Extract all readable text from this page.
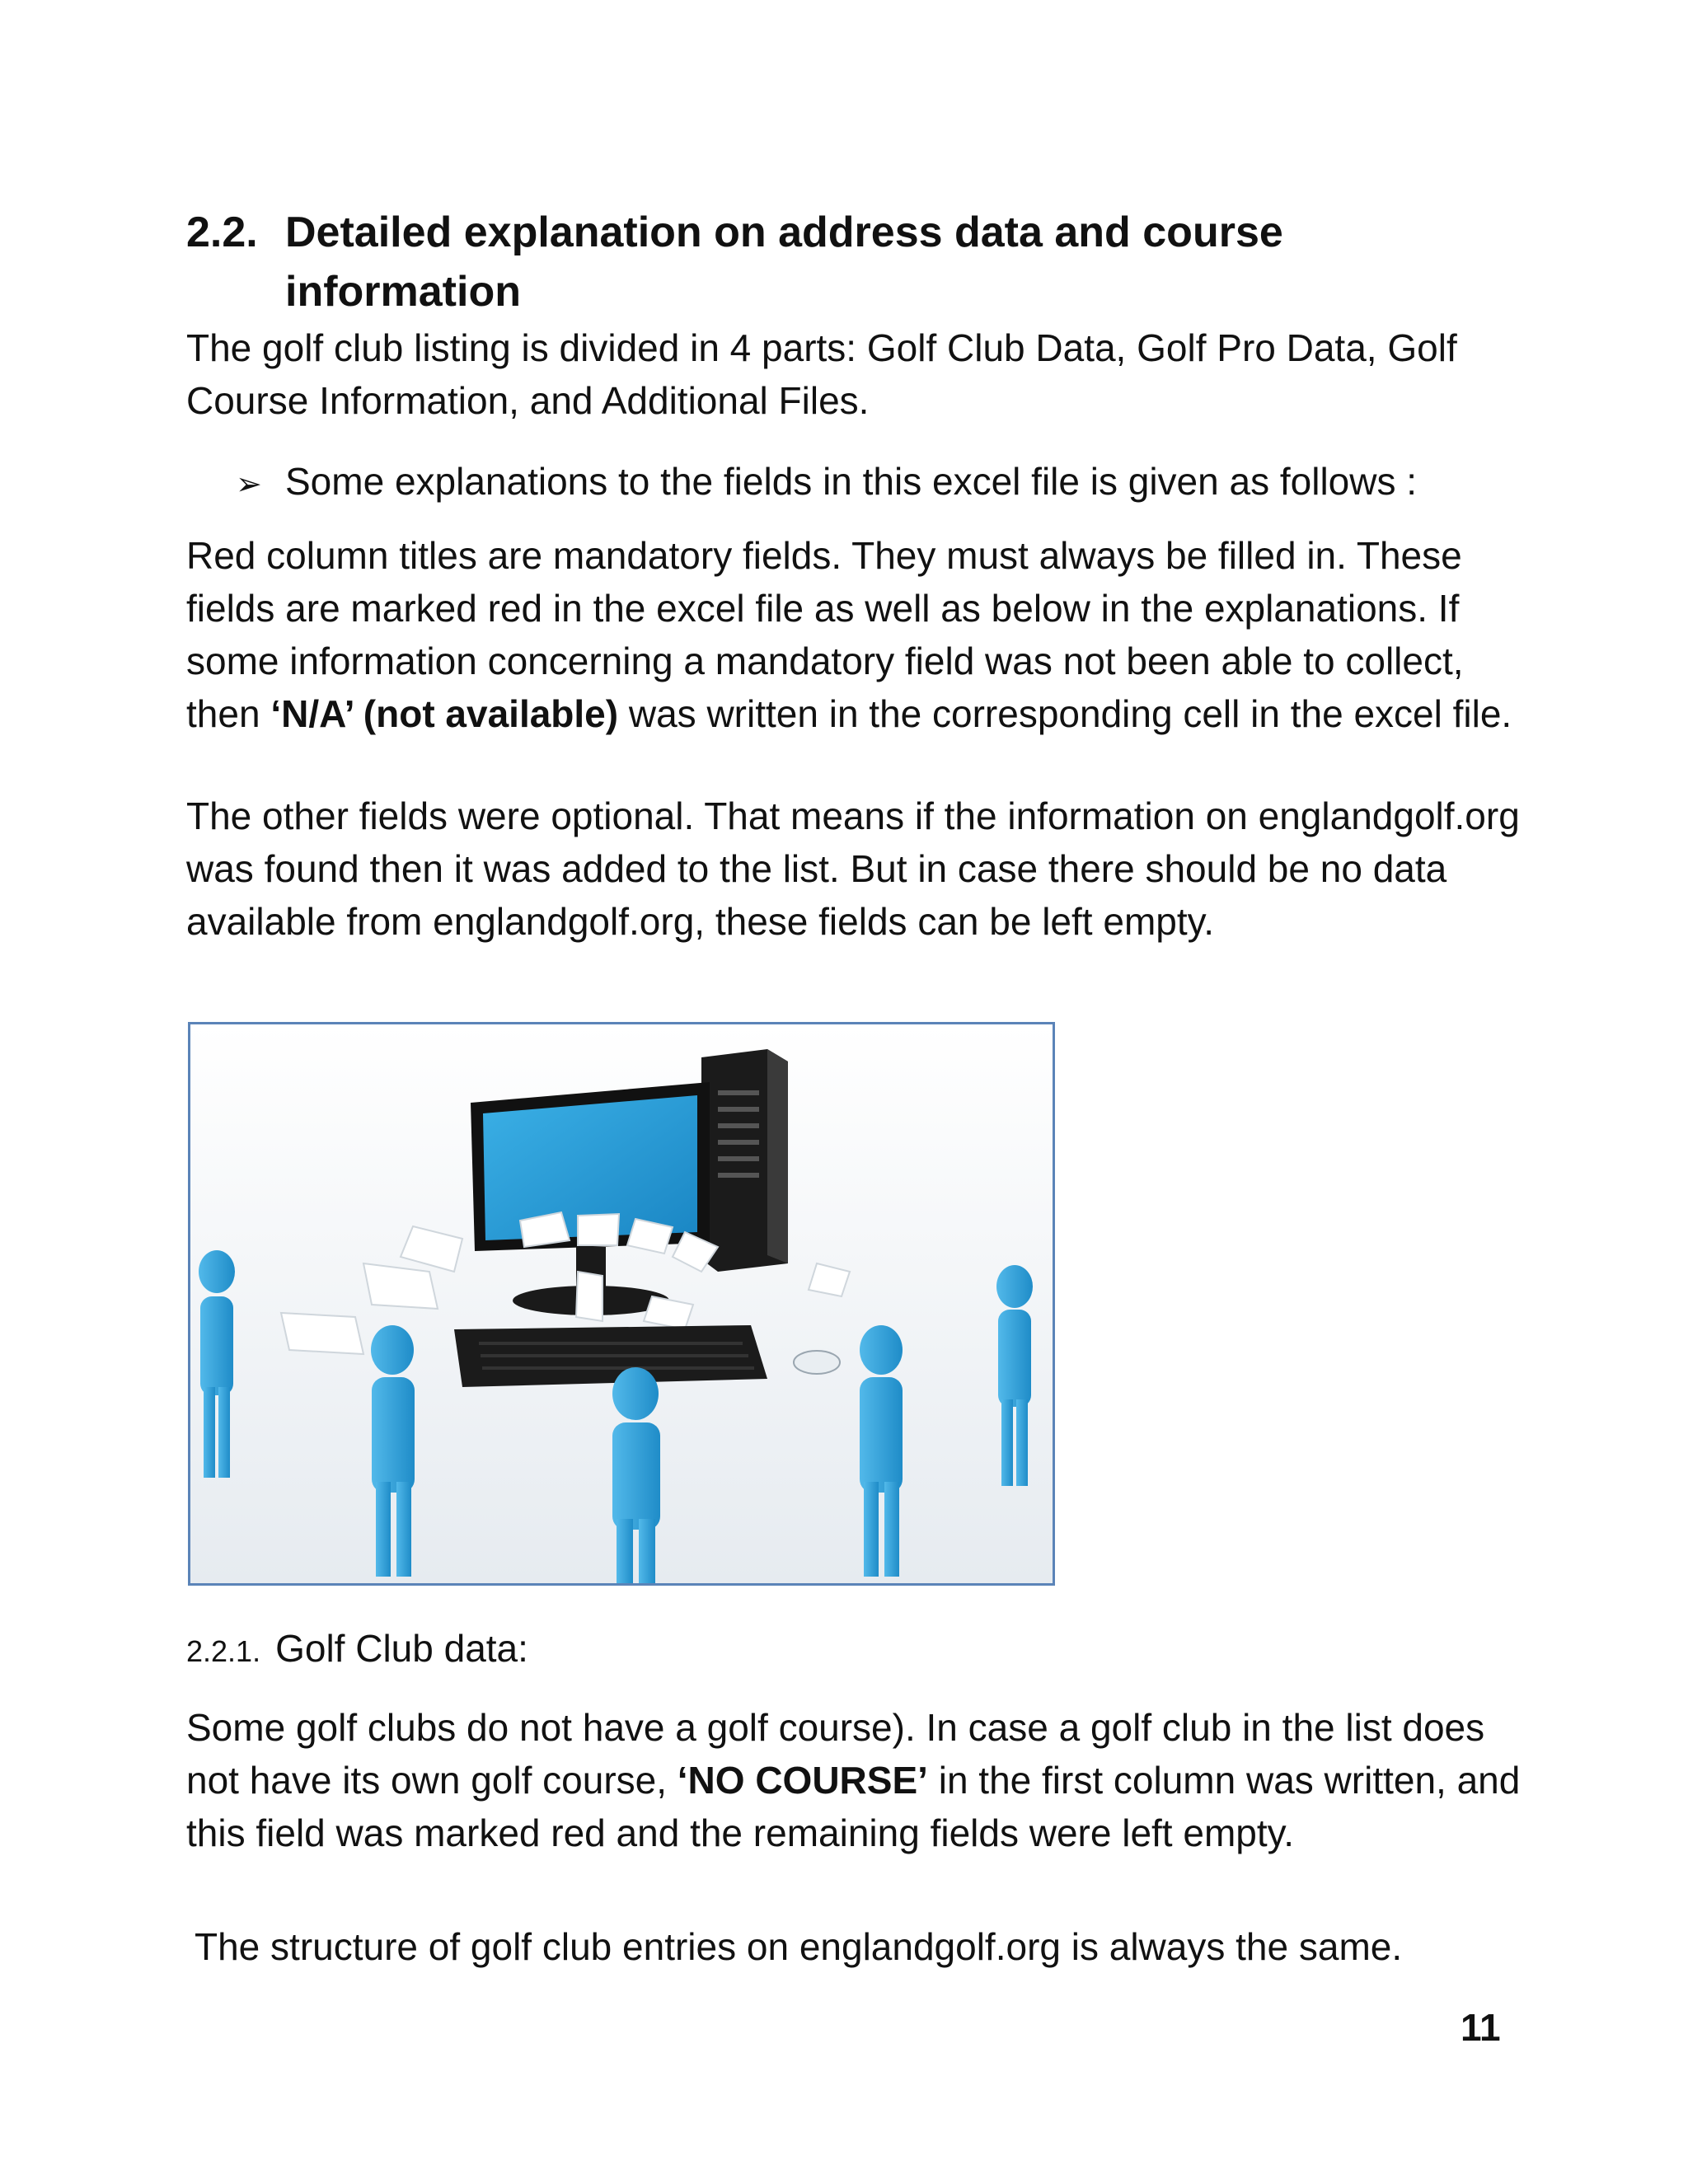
2.2. Detailed explanation on address data and course information
The golf club listing is divided in 4 parts: Golf Club Data, Golf Pro Data, Golf Course Information, and Additional Files.
➢ Some explanations to the fields in this excel file is given as follows :
Red column titles are mandatory fields. They must always be filled in. These fields are marked red in the excel file as well as below in the explanations. If some information concerning a mandatory field was not been able to collect, then ‘N/A’ (not available) was written in the corresponding cell in the excel file.
The other fields were optional. That means if the information on englandgolf.org was found then it was added to the list. But in case there should be no data available from englandgolf.org, these fields can be left empty.
2.2.1. Golf Club data:
Some golf clubs do not have a golf course). In case a golf club in the list does not have its own golf course, ‘NO COURSE’ in the first column was written, and this field was marked red and the remaining fields were left empty.
The structure of golf club entries on englandgolf.org is always the same.
11
